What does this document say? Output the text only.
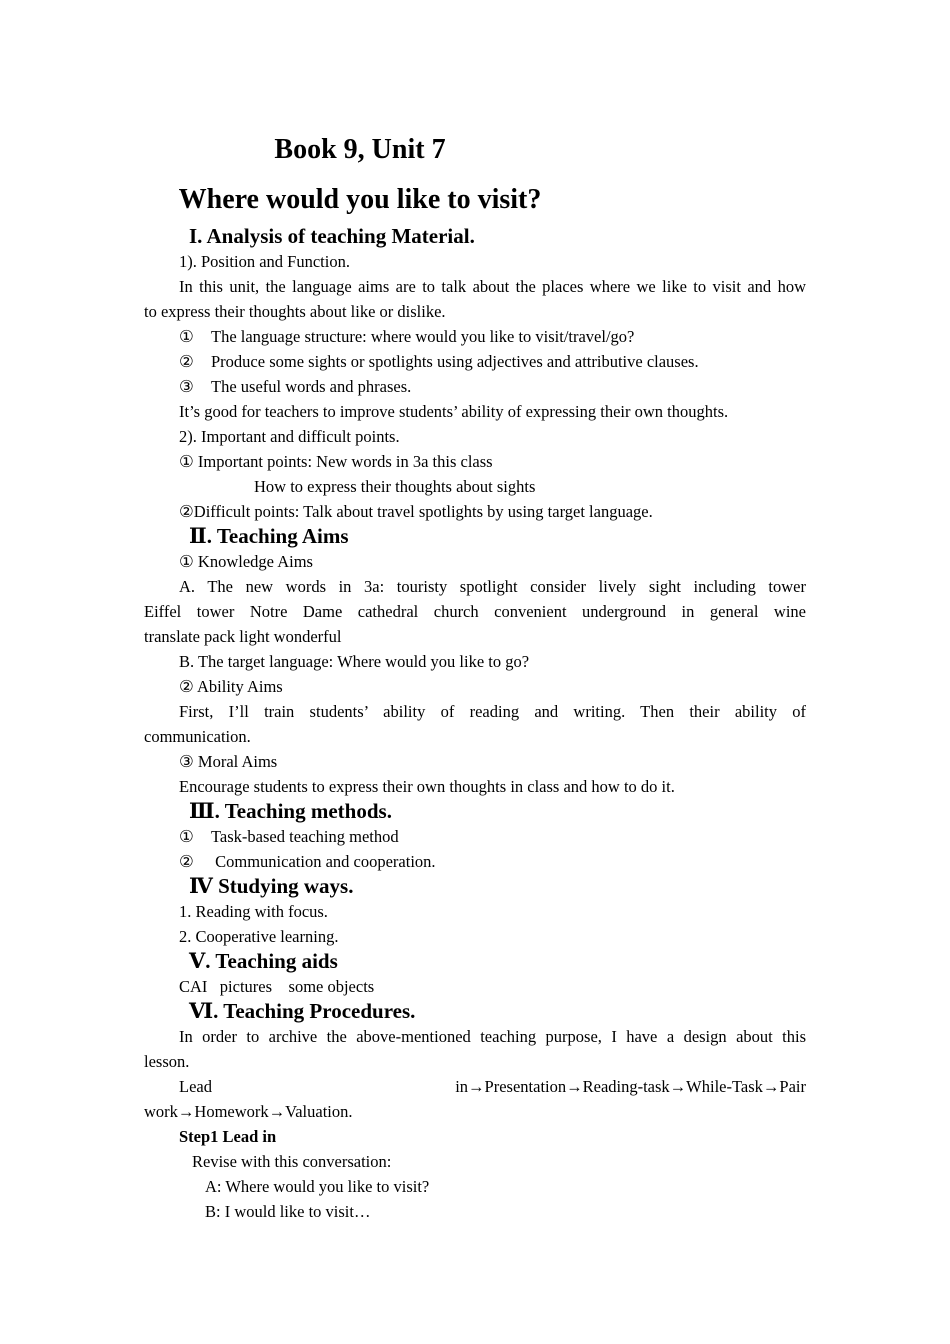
Book 9, Unit 7
Where would you like to visit?
I. Analysis of teaching Material.
1). Position and Function.
In this unit, the language aims are to talk about the places where we like to visit and how
to express their thoughts about like or dislike.
① The language structure: where would you like to visit/travel/go?
② Produce some sights or spotlights using adjectives and attributive clauses.
③ The useful words and phrases.
It’s good for teachers to improve students’ ability of expressing their own thoughts.
2). Important and difficult points.
① Important points: New words in 3a this class
How to express their thoughts about sights
②Difficult points: Talk about travel spotlights by using target language.
Ⅱ. Teaching Aims
① Knowledge Aims
A. The new words in 3a: touristy spotlight consider lively sight including tower
Eiffel tower Notre Dame cathedral church convenient underground in general wine
translate pack light wonderful
B. The target language: Where would you like to go?
② Ability Aims
First, I’ll train students’ ability of reading and writing. Then their ability of
communication.
③ Moral Aims
Encourage students to express their own thoughts in class and how to do it.
Ⅲ. Teaching methods.
① Task-based teaching method
② Communication and cooperation.
Ⅳ Studying ways.
1. Reading with focus.
2. Cooperative learning.
Ⅴ. Teaching aids
CAI   pictures    some objects
Ⅵ. Teaching Procedures.
In order to archive the above-mentioned teaching purpose, I have a design about this
lesson.
Lead	in→Presentation→Reading-task→While-Task→Pair
work→Homework→Valuation.
Step1 Lead in
Revise with this conversation:
A: Where would you like to visit?
B: I would like to visit…
